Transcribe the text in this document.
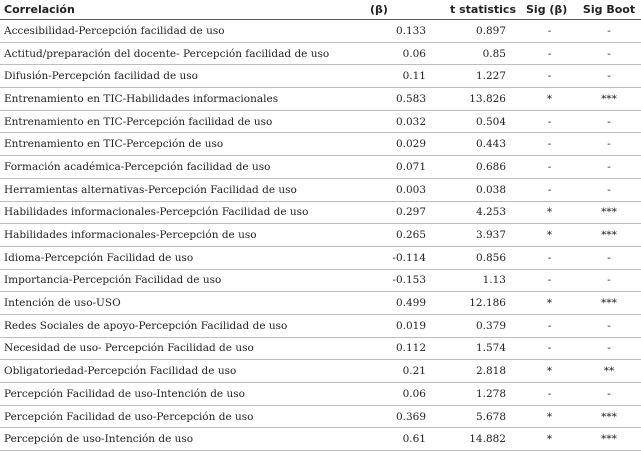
Correlación	(β)	t statistics	Sig (β)	Sig Boot
Accesibilidad-Percepción facilidad de uso	0.133	0.897	-	-
Actitud/preparación del docente- Percepción facilidad de uso	0.06	0.85	-	-
Difusión-Percepción facilidad de uso	0.11	1.227	-	-
Entrenamiento en TIC-Habilidades informacionales	0.583	13.826	*	***
Entrenamiento en TIC-Percepción facilidad de uso	0.032	0.504	-	-
Entrenamiento en TIC-Percepción de uso	0.029	0.443	-	-
Formación académica-Percepción facilidad de uso	0.071	0.686	-	-
Herramientas alternativas-Percepción Facilidad de uso	0.003	0.038	-	-
Habilidades informacionales-Percepción Facilidad de uso	0.297	4.253	*	***
Habilidades informacionales-Percepción de uso	0.265	3.937	*	***
Idioma-Percepción Facilidad de uso	-0.114	0.856	-	-
Importancia-Percepción Facilidad de uso	-0.153	1.13	-	-
Intención de uso-USO	0.499	12.186	*	***
Redes Sociales de apoyo-Percepción Facilidad de uso	0.019	0.379	-	-
Necesidad de uso- Percepción Facilidad de uso	0.112	1.574	-	-
Obligatoriedad-Percepción Facilidad de uso	0.21	2.818	*	**
Percepción Facilidad de uso-Intención de uso	0.06	1.278	-	-
Percepción Facilidad de uso-Percepción de uso	0.369	5.678	*	***
Percepción de uso-Intención de uso	0.61	14.882	*	***
